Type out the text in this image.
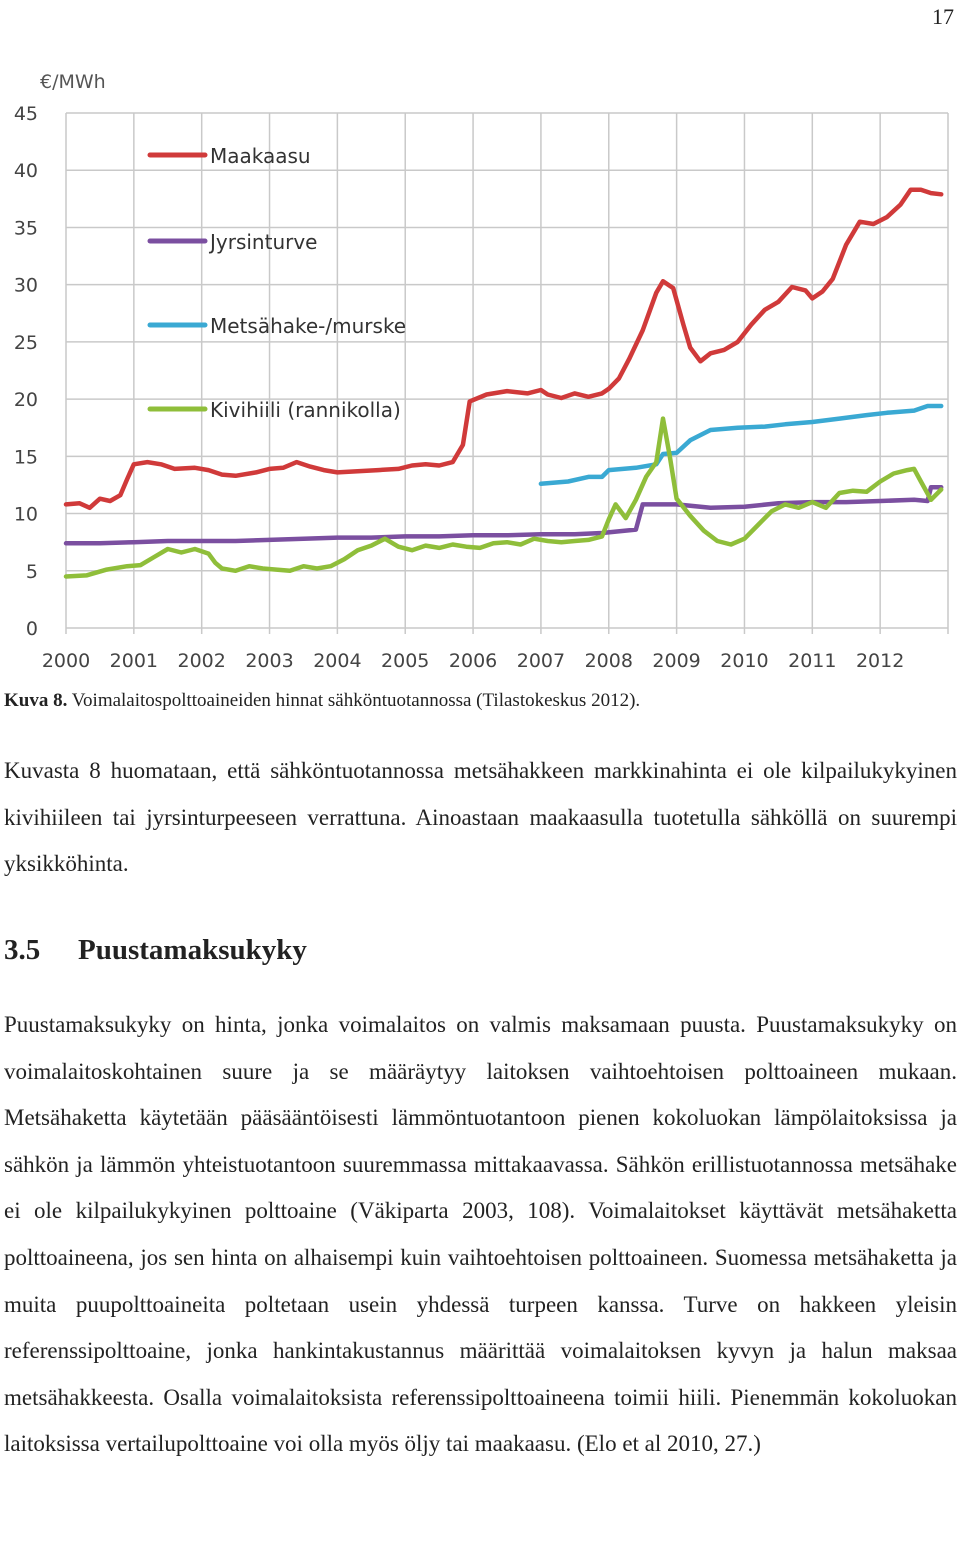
17
0
5
10
15
20
25
30
35
40
45
2000 2001 2002 2003 2004 2005 2006 2007 2008 2009 2010 2011 2012
Maakaasu
Jyrsinturve
Metsähake-/murske
Kivihiili (rannikolla)
€/MWh
Kuva 8. Voimalaitospolttoaineiden hinnat sähköntuotannossa (Tilastokeskus 2012).

Kuvasta 8 huomataan, että sähköntuotannossa metsähakkeen markkinahinta ei ole kilpailukykyinen kivihiileen tai jyrsinturpeeseen verrattuna. Ainoastaan maakaasulla tuotetulla sähköllä on suurempi yksikköhinta.

3.5 Puustamaksukyky

Puustamaksukyky on hinta, jonka voimalaitos on valmis maksamaan puusta. Puustamaksukyky on voimalaitoskohtainen suure ja se määräytyy laitoksen vaihtoehtoisen polttoaineen mukaan. Metsähaketta käytetään pääsääntöisesti lämmöntuotantoon pienen kokoluokan lämpölaitoksissa ja sähkön ja lämmön yhteistuotantoon suuremmassa mittakaavassa. Sähkön erillistuotannossa metsähake ei ole kilpailukykyinen polttoaine (Väkiparta 2003, 108). Voimalaitokset käyttävät metsähaketta polttoaineena, jos sen hinta on alhaisempi kuin vaihtoehtoisen polttoaineen. Suomessa metsähaketta ja muita puupolttoaineita poltetaan usein yhdessä turpeen kanssa. Turve on hakkeen yleisin referenssipolttoaine, jonka hankintakustannus määrittää voimalaitoksen kyvyn ja halun maksaa metsähakkeesta. Osalla voimalaitoksista referenssipolttoaineena toimii hiili. Pienemmän kokoluokan laitoksissa vertailupolttoaine voi olla myös öljy tai maakaasu. (Elo et al 2010, 27.)
